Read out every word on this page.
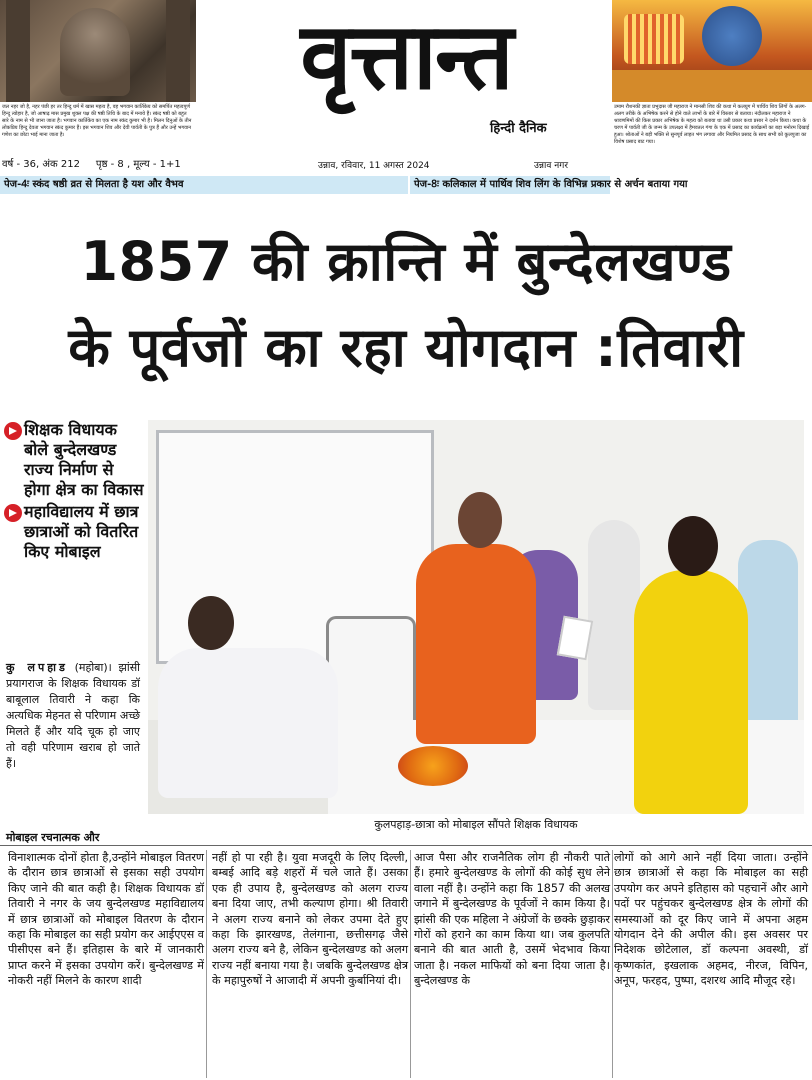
जल नहर जो है, नहर पंछी हर तर हिन्दु धर्म में खास महत्व है, वह भगवान कार्तिकेय को समर्पित महत्वपूर्ण हिन्दु त्योहार है, जो आषाढ़ मास प्रमुख शुक्ल पक्ष की षष्ठी तिथि के बाद में मनाये हैं। स्कंद षष्ठी को बहुत सारे के नाम से भी जाना जाता है। भगवान कार्तिकेय का एक नाम स्कंद कुमार भी है। मिलन दिनुओं के तीन लोकप्रिय हिन्दु देवता भगवान स्कंद कुमार हैं। इस भगवान शिव और देवी पार्वती के पुत्र हैं और उन्हें भगवान गणेश का छोटा भाई माना जाता है।
वृत्तान्त
हिन्दी दैनिक
उमाम रौशनकी ज्ञाता प्रभुदास जी महाराज ने मानसी शिव की कथा में कलयुग में पार्थिव शिव लिंगों के अलग-अलग तरीके के अभिषेक करने से होने वाले लाभों के बारे में विस्तार से बताया। नंदीलकर महाराज ने श्रावणमिमों की किस प्रकार अभिषेक के महत्व को बताया था उसी प्रकार कथा प्रसार ने दर्शन किया। कथा के चरण में पार्वती जी के जन्म के उपलक्ष्य में हैमवतल गंगा के एक में प्रसाद का कार्यक्रमों का बड़ा मनोरम दिखाई हुआ। श्रोताओं ने बड़ी भक्ति से सुनपूर्व लाहत भंग लगाया और नियमित प्रसाद के साथ सभी को कुलपुजा का विशेष प्रसाद बाट गया।
वर्ष - 36, अंक 212 पृष्ठ - 8 , मूल्य - 1+1	उन्नाव, रविवार, 11 अगस्त 2024	उन्नाव नगर
पेज-4ः स्कंद षष्ठी व्रत से मिलता है यश और वैभव	पेज-8ः कलिकाल में पार्थिव शिव लिंग के विभिन्न प्रकार से अर्चन बताया गया
1857 की क्रान्ति में बुन्देलखण्ड
के पूर्वजों का रहा योगदान :तिवारी
शिक्षक विधायक बोले बुन्देलखण्ड राज्य निर्माण से होगा क्षेत्र का विकास
महाविद्यालय में छात्र छात्राओं को वितरित किए मोबाइल
कु लपहाड (महोबा)। झांसी प्रयागराज के शिक्षक विधायक डॉ बाबूलाल तिवारी ने कहा कि अत्यधिक मेहनत से परिणाम अच्छे मिलते हैं और यदि चूक हो जाए तो वही परिणाम खराब हो जाते हैं।
मोबाइल रचनात्मक और
कुलपहाड़-छात्रा को मोबाइल सौंपते शिक्षक विधायक
विनाशात्मक दोनों होता है,उन्होंने मोबाइल वितरण के दौरान छात्र छात्राओं से इसका सही उपयोग किए जाने की बात कही है। शिक्षक विधायक डॉ तिवारी ने नगर के जय बुन्देलखण्ड महाविद्यालय में छात्र छात्राओं को मोबाइल वितरण के दौरान कहा कि मोबाइल का सही प्रयोग कर आईएएस व पीसीएस बने हैं। इतिहास के बारे में जानकारी प्राप्त करने में इसका उपयोग करें। बुन्देलखण्ड में नोकरी नहीं मिलने के कारण शादी
नहीं हो पा रही है। युवा मजदूरी के लिए दिल्ली, बम्बई आदि बड़े शहरों में चले जाते हैं। उसका एक ही उपाय है, बुन्देलखण्ड को अलग राज्य बना दिया जाए, तभी कल्याण होगा। श्री तिवारी ने अलग राज्य बनाने को लेकर उपमा देते हुए कहा कि झारखण्ड, तेलंगाना, छत्तीसगढ़ जैसे अलग राज्य बने है, लेकिन बुन्देलखण्ड को अलग राज्य नहीं बनाया गया है। जबकि बुन्देलखण्ड क्षेत्र के महापुरुषों ने आजादी में अपनी कुर्बानियां दी।
आज पैसा और राजनैतिक लोग ही नौकरी पाते हैं। हमारे बुन्देलखण्ड के लोगों की कोई सुध लेने वाला नहीं है। उन्होंने कहा कि 1857 की अलख जगाने में बुन्देलखण्ड के पूर्वजों ने काम किया है। झांसी की एक महिला ने अंग्रेजों के छक्के छुड़ाकर गोरों को हराने का काम किया था। जब कुलपति बनाने की बात आती है, उसमें भेदभाव किया जाता है। नकल माफियों को बना दिया जाता है। बुन्देलखण्ड के
लोगों को आगे आने नहीं दिया जाता। उन्होंने छात्र छात्राओं से कहा कि मोबाइल का सही उपयोग कर अपने इतिहास को पहचानें और आगे पदों पर पहुंचकर बुन्देलखण्ड क्षेत्र के लोगों की समस्याओं को दूर किए जाने में अपना अहम योगदान देने की अपील की। इस अवसर पर निदेशक छोटेलाल, डॉ कल्पना अवस्थी, डॉ कृष्णकांत, इखलाक अहमद, नीरज, विपिन, अनूप, फरहद, पुष्पा, दशरथ आदि मौजूद रहे।
